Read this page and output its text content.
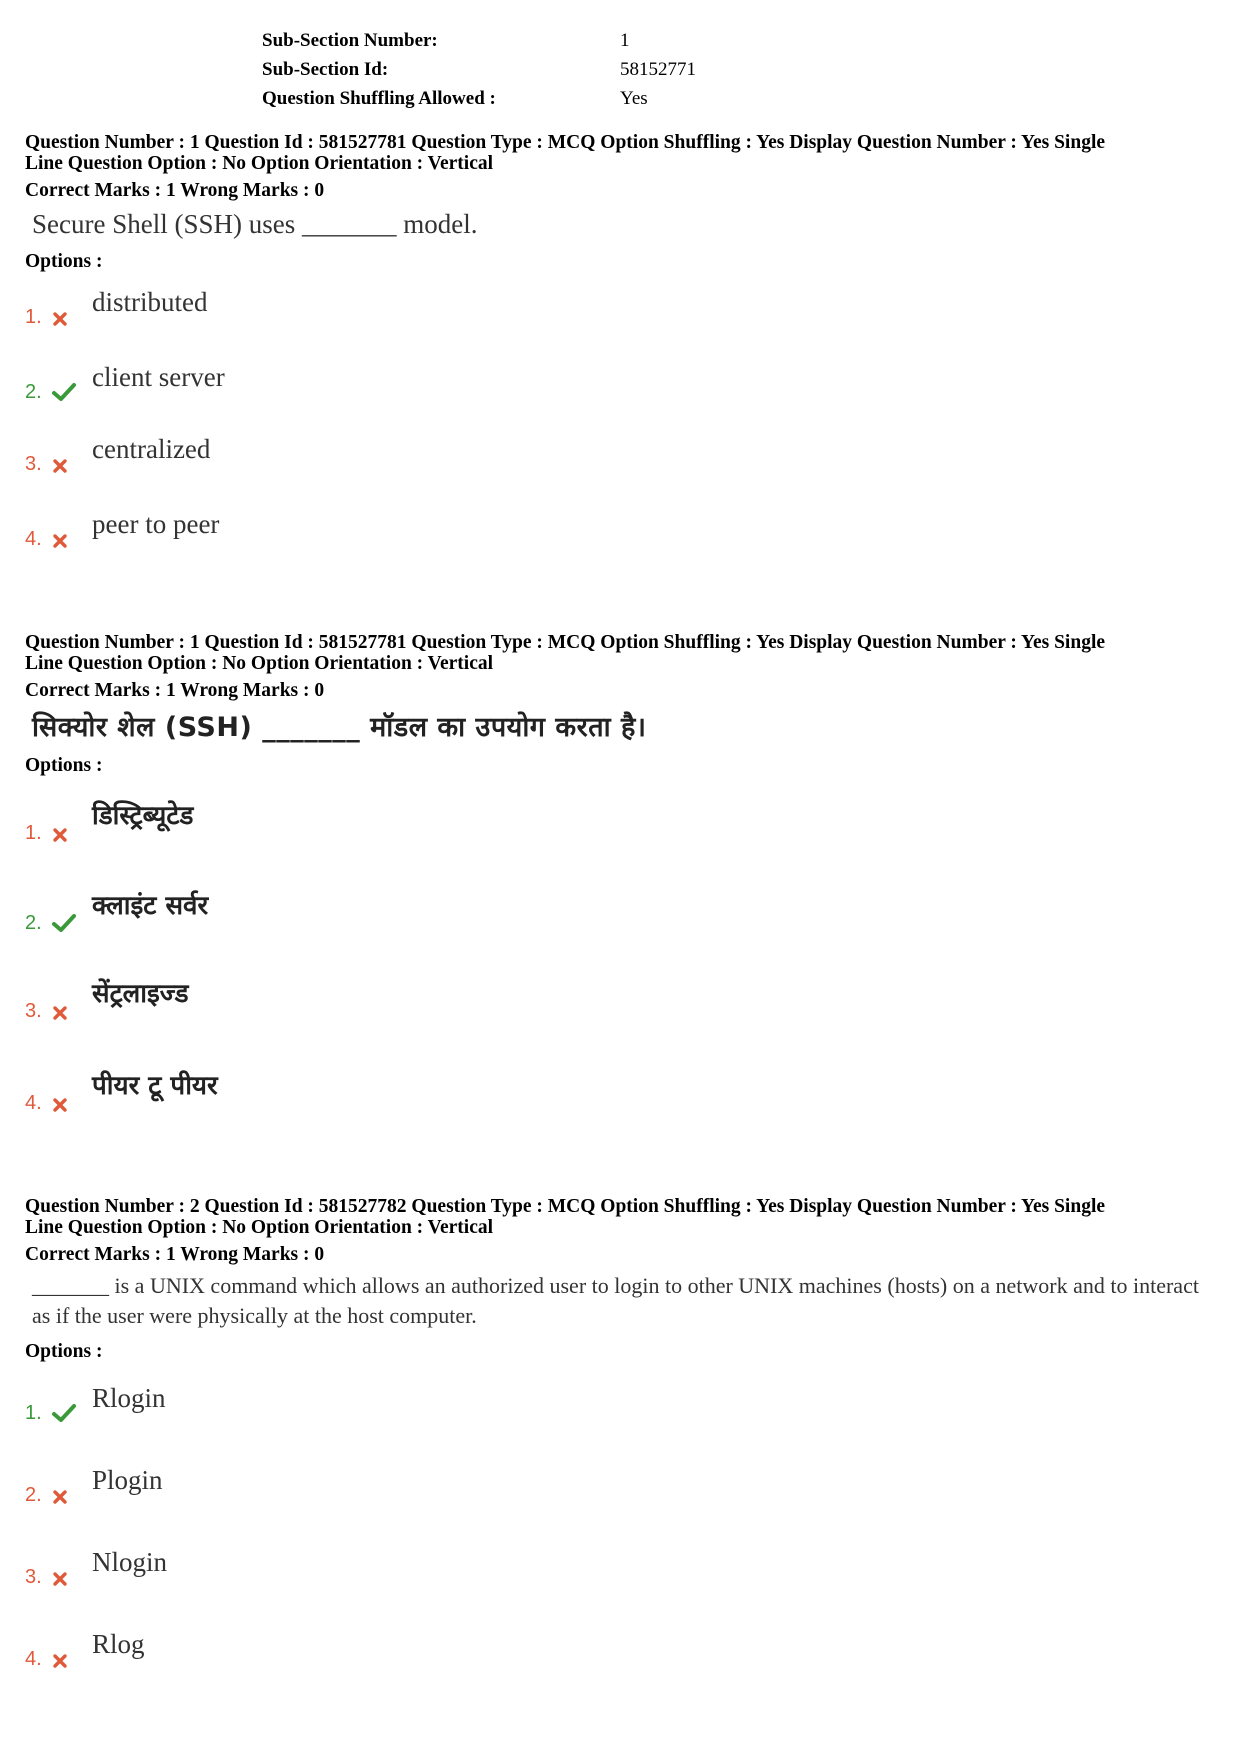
Sub-Section Number:	1
Sub-Section Id:	58152771
Question Shuffling Allowed :	Yes
Question Number : 1 Question Id : 581527781 Question Type : MCQ Option Shuffling : Yes Display Question Number : Yes Single
Line Question Option : No Option Orientation : Vertical
Correct Marks : 1 Wrong Marks : 0
Secure Shell (SSH) uses _______ model.
Options :
1.	distributed
2.	client server
3.	centralized
4.	peer to peer
Question Number : 1 Question Id : 581527781 Question Type : MCQ Option Shuffling : Yes Display Question Number : Yes Single
Line Question Option : No Option Orientation : Vertical
Correct Marks : 1 Wrong Marks : 0
सिक्योर शेल (SSH) _______ मॉडल का उपयोग करता है।
Options :
1.
डिस्ट्रिब्यूटेड
2.
क्लाइंट सर्वर
3.
सेंट्रलाइज्ड
4.
पीयर टू पीयर
Question Number : 2 Question Id : 581527782 Question Type : MCQ Option Shuffling : Yes Display Question Number : Yes Single
Line Question Option : No Option Orientation : Vertical
Correct Marks : 1 Wrong Marks : 0
_______ is a UNIX command which allows an authorized user to login to other UNIX machines (hosts) on a network and to interact as if the user were physically at the host computer.
Options :
1.	Rlogin
2.	Plogin
3.	Nlogin
4.	Rlog
